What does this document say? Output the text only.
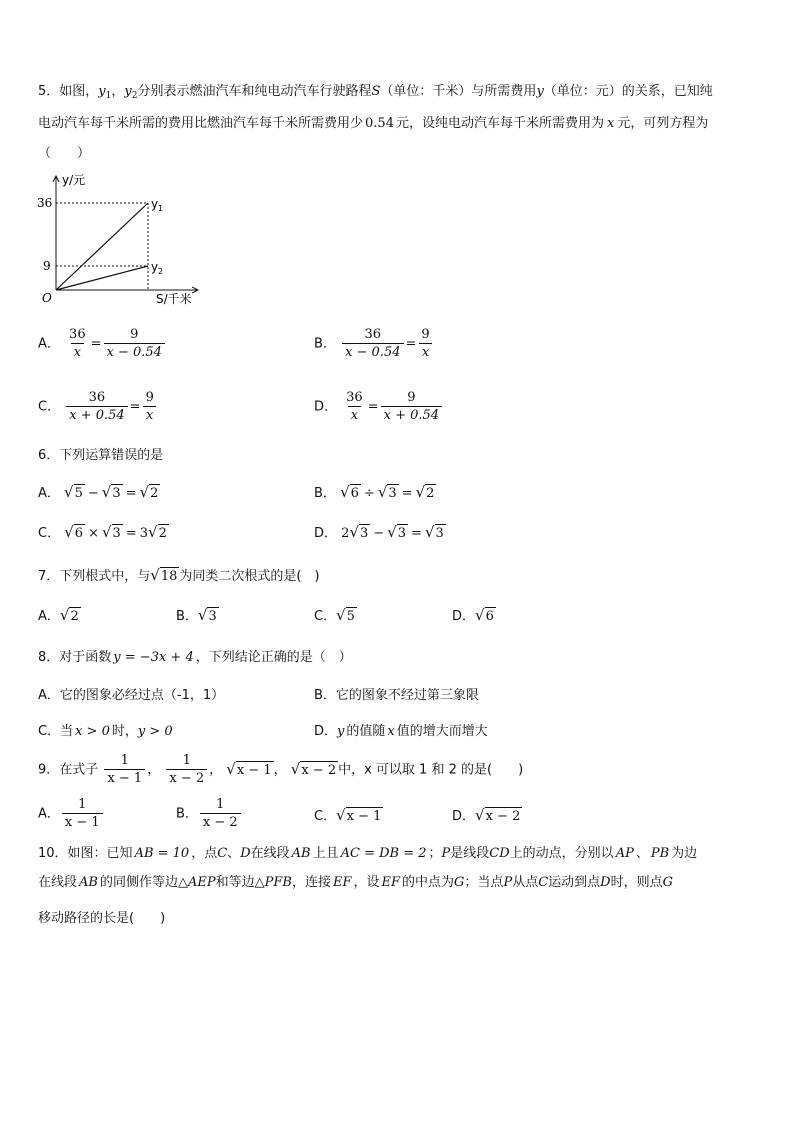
5．如图，$y_1$，$y_2$分别表示燃油汽车和纯电动汽车行驶路程S（单位：千米）与所需费用y（单位：元）的关系，已知纯
电动汽车每千米所需的费用比燃油汽车每千米所需费用少 0.54 元，设纯电动汽车每千米所需费用为 x 元，可列方程为
（　　）
y/元
S/千米
O
36
9
y 1
y 2
A． $\frac{36}{x} = \frac{9}{x - 0.54}$	B． $\frac{36}{x - 0.54} = \frac{9}{x}$
C． $\frac{36}{x + 0.54} = \frac{9}{x}$	D． $\frac{36}{x} = \frac{9}{x + 0.54}$
6．下列运算错误的是
A． √ 5 − √ 3 = √ 2	B． √ 6 ÷ √ 3 = √ 2
C． √ 6 × √ 3 = 3 √ 2	D． 2 √ 3 − √ 3 = √ 3
7．下列根式中，与 √ 18 为同类二次根式的是(　)
A． √ 2	B． √ 3	C． √ 5	D． √ 6
8．对于函数 y = −3x + 4 ，下列结论正确的是（　）
A．它的图象必经过点（-1，1）	B．它的图象不经过第三象限
C．当 x > 0 时，y > 0	D．y 的值随 x 值的增大而增大
9．在式子 $\frac{1}{x - 1}$ ， $\frac{1}{x - 2}$ ， √ x − 1 ， √ x − 2 中，x 可以取 1 和 2 的是(　　)
A． $\frac{1}{x - 1}$	B． $\frac{1}{x - 2}$	C． √ x − 1	D． √ x − 2
10．如图：已知 AB = 10 ，点C、D在线段 AB 上且 AC = DB = 2 ；P是线段CD上的动点，分别以 AP 、 PB 为边
在线段 AB 的同侧作等边△AEP和等边△PFB，连接 EF ，设 EF 的中点为G；当点P从点C运动到点D时，则点G
移动路径的长是(　　)
